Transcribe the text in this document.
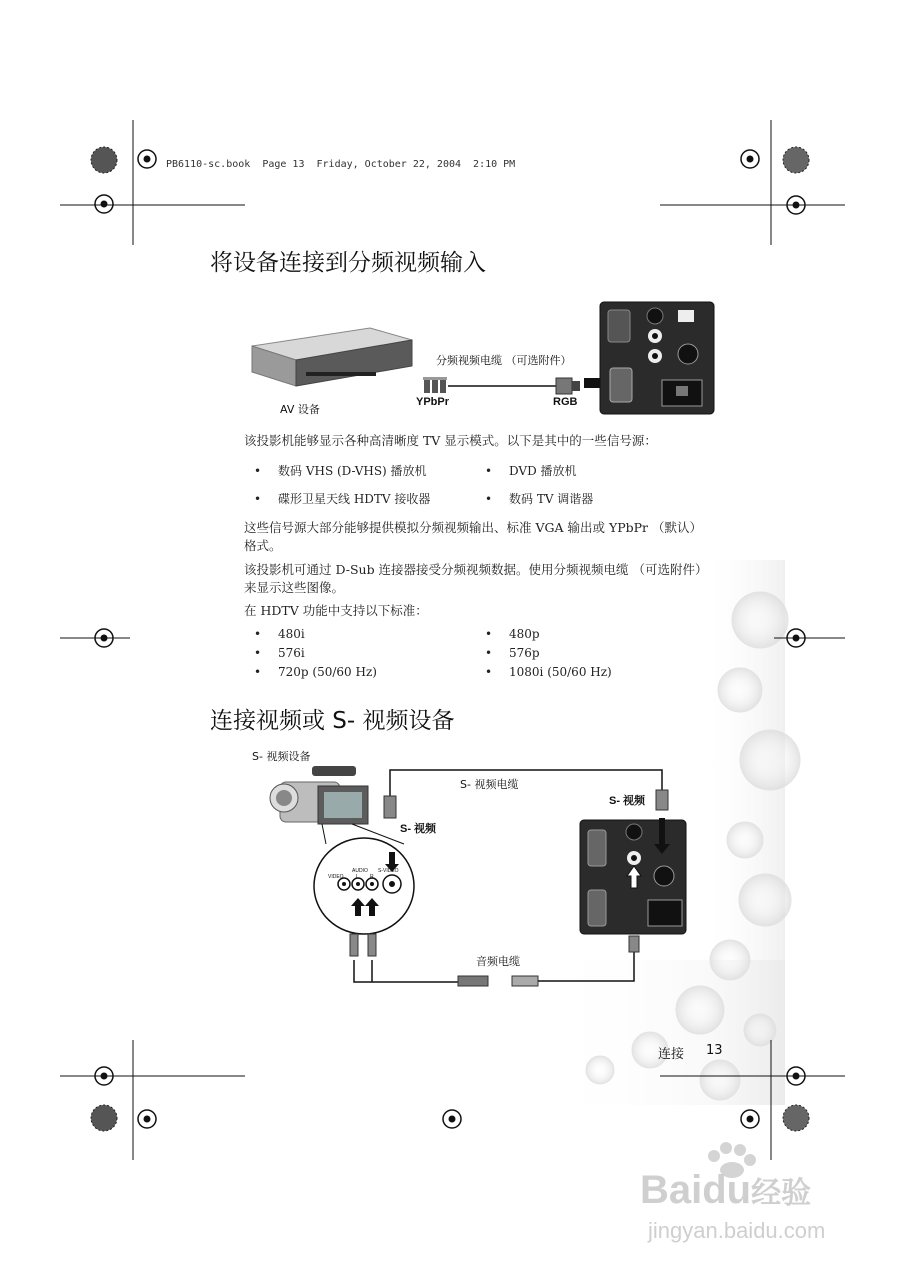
PB6110-sc.book  Page 13  Friday, October 22, 2004  2:10 PM
将设备连接到分频视频输入
分频视频电缆 （可选附件）
YPbPr	RGB
AV 设备
该投影机能够显示各种高清晰度 TV 显示模式。以下是其中的一些信号源：
• 数码 VHS (D-VHS) 播放机	• DVD 播放机
• 碟形卫星天线 HDTV 接收器	• 数码 TV 调谐器
这些信号源大部分能够提供模拟分频视频输出、标准 VGA 输出或 YPbPr （默认）格式。
该投影机可通过 D-Sub 连接器接受分频视频数据。使用分频视频电缆 （可选附件）来显示这些图像。
在 HDTV 功能中支持以下标准：
• 480i	• 480p
• 576i	• 576p
• 720p (50/60 Hz)	• 1080i (50/60 Hz)
连接视频或 S- 视频设备
S- 视频设备
S- 视频电缆
S- 视频
S- 视频
VIDEO
AUDIO
L R
S-VIDEO
音频电缆
连接 13
Baidu经验
jingyan.baidu.com
